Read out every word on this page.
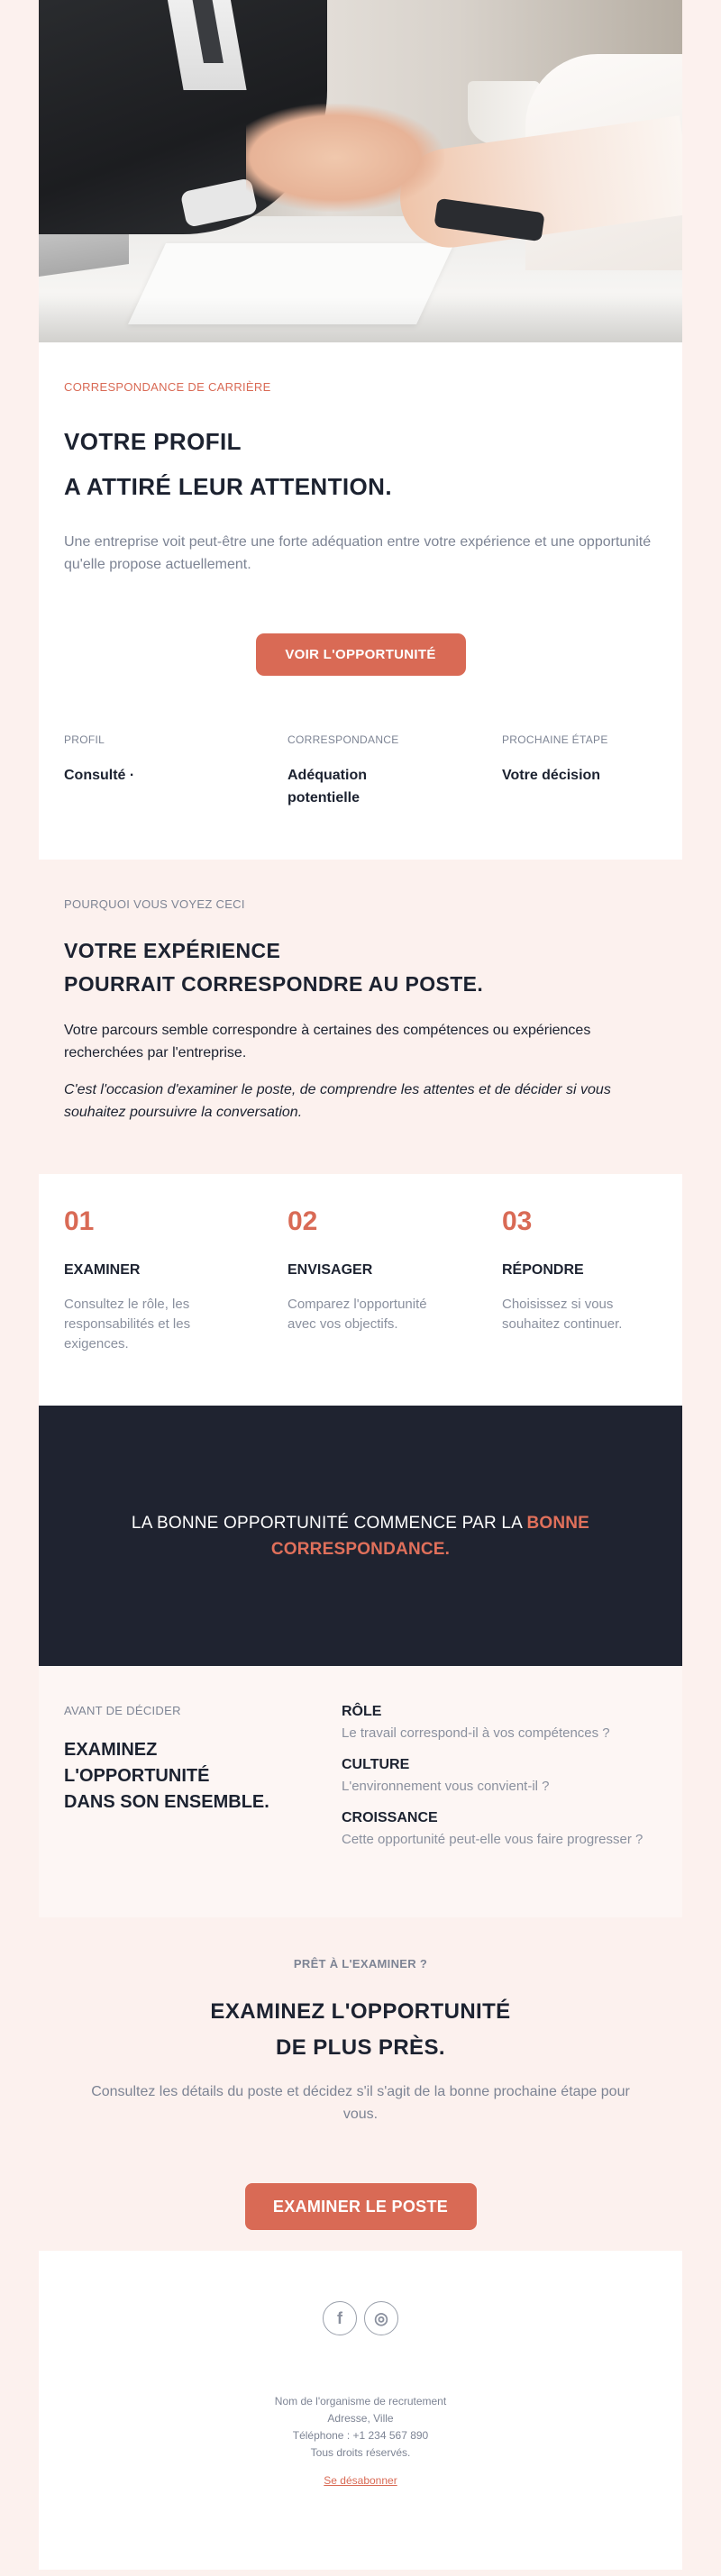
CORRESPONDANCE DE CARRIÈRE
VOTRE PROFIL
A ATTIRÉ LEUR ATTENTION.

Une entreprise voit peut-être une forte adéquation entre votre expérience et une opportunité qu'elle propose actuellement.

VOIR L'OPPORTUNITÉ
PROFIL
Consulté ·
CORRESPONDANCE
Adéquation potentielle
PROCHAINE ÉTAPE
Votre décision
POURQUOI VOUS VOYEZ CECI
VOTRE EXPÉRIENCE
POURRAIT CORRESPONDRE AU POSTE.

Votre parcours semble correspondre à certaines des compétences ou expériences recherchées par l'entreprise.

C'est l'occasion d'examiner le poste, de comprendre les attentes et de décider si vous souhaitez poursuivre la conversation.

01
EXAMINER
Consultez le rôle, les responsabilités et les exigences.
02
ENVISAGER
Comparez l'opportunité avec vos objectifs.
03
RÉPONDRE
Choisissez si vous souhaitez continuer.
LA BONNE OPPORTUNITÉ COMMENCE PAR LA BONNE CORRESPONDANCE.
AVANT DE DÉCIDER
EXAMINEZ
L'OPPORTUNITÉ
DANS SON ENSEMBLE.
RÔLE
Le travail correspond-il à vos compétences ?
CULTURE
L'environnement vous convient-il ?
CROISSANCE
Cette opportunité peut-elle vous faire progresser ?
PRÊT À L'EXAMINER ?
EXAMINEZ L'OPPORTUNITÉ
DE PLUS PRÈS.

Consultez les détails du poste et décidez s'il s'agit de la bonne prochaine étape pour vous.

EXAMINER LE POSTE
f	◎
Nom de l'organisme de recrutement
Adresse, Ville
Téléphone : +1 234 567 890
Tous droits réservés.
Se désabonner
